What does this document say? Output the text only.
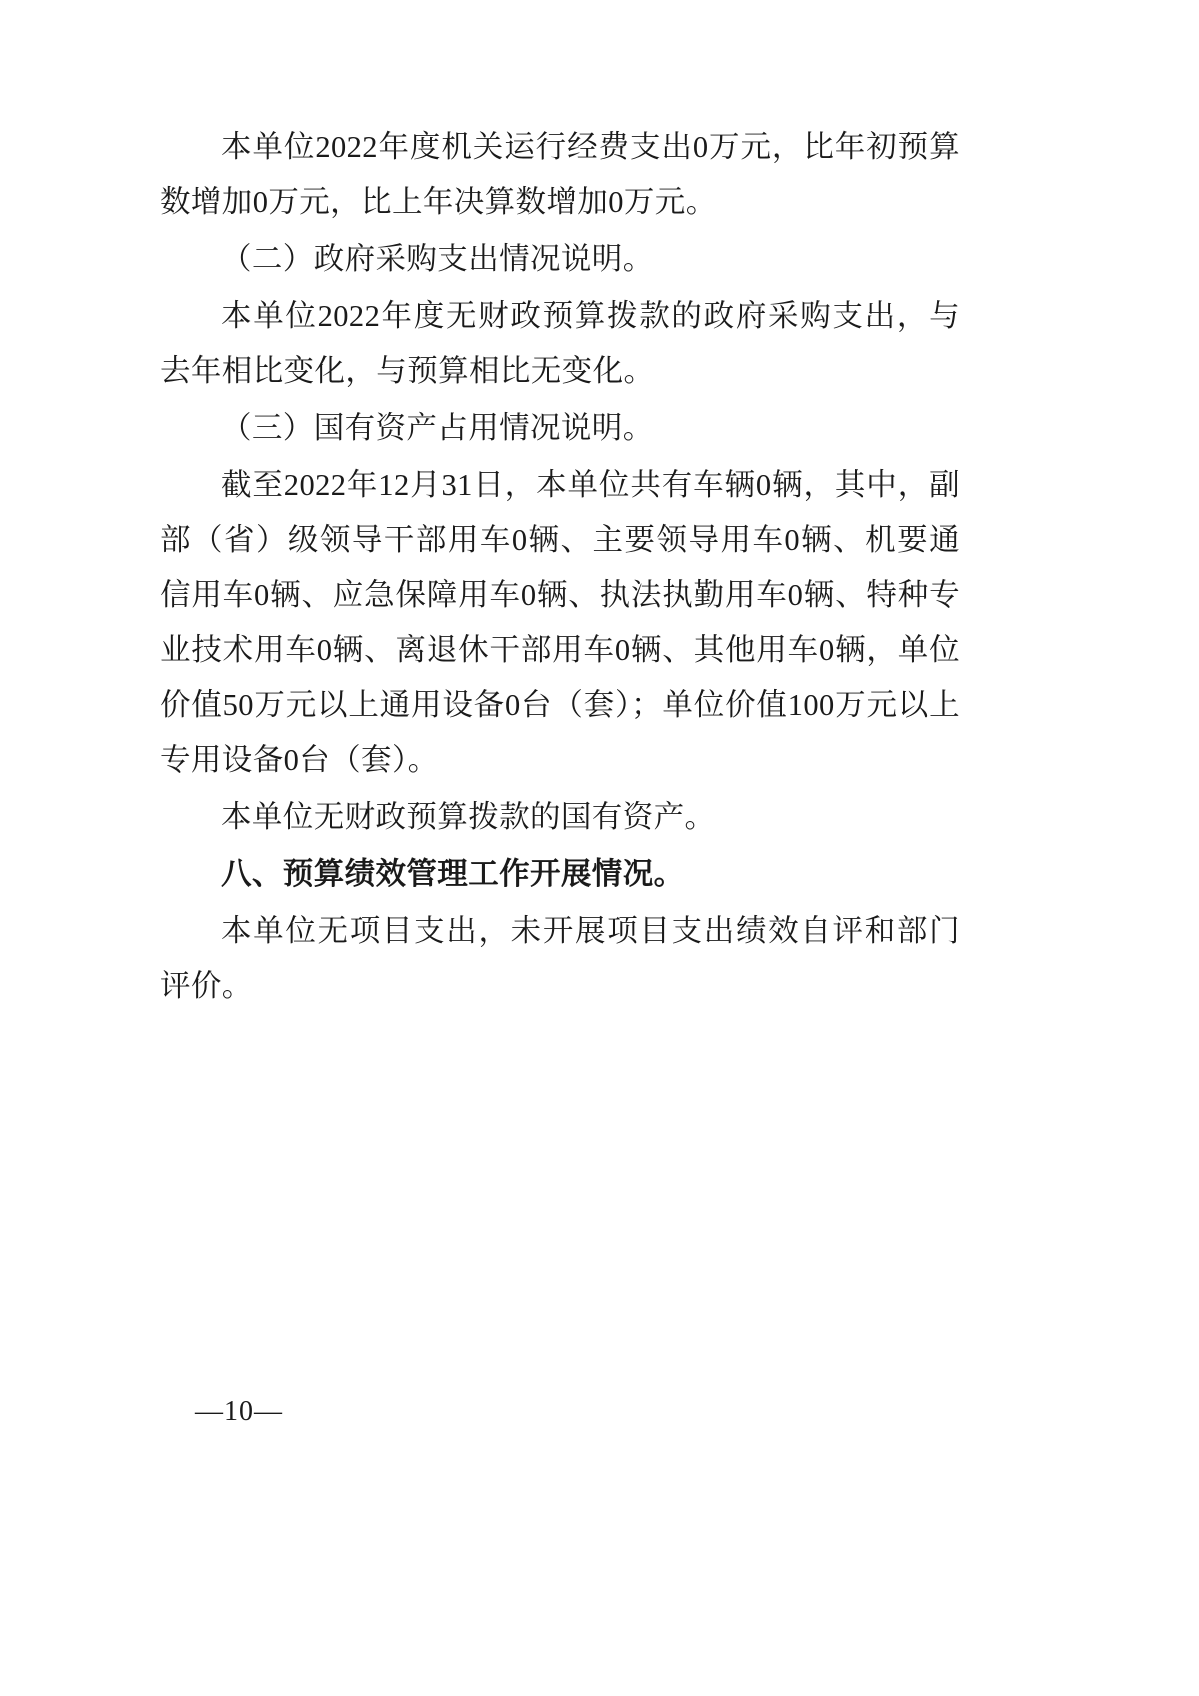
本单位2022年度机关运行经费支出0万元，比年初预算数增加0万元，比上年决算数增加0万元。

（二）政府采购支出情况说明。

本单位2022年度无财政预算拨款的政府采购支出，与去年相比变化，与预算相比无变化。

（三）国有资产占用情况说明。

截至2022年12月31日，本单位共有车辆0辆，其中，副部（省）级领导干部用车0辆、主要领导用车0辆、机要通信用车0辆、应急保障用车0辆、执法执勤用车0辆、特种专业技术用车0辆、离退休干部用车0辆、其他用车0辆，单位价值50万元以上通用设备0台（套）；单位价值100万元以上专用设备0台（套）。

本单位无财政预算拨款的国有资产。

八、预算绩效管理工作开展情况。

本单位无项目支出，未开展项目支出绩效自评和部门评价。

—10—
